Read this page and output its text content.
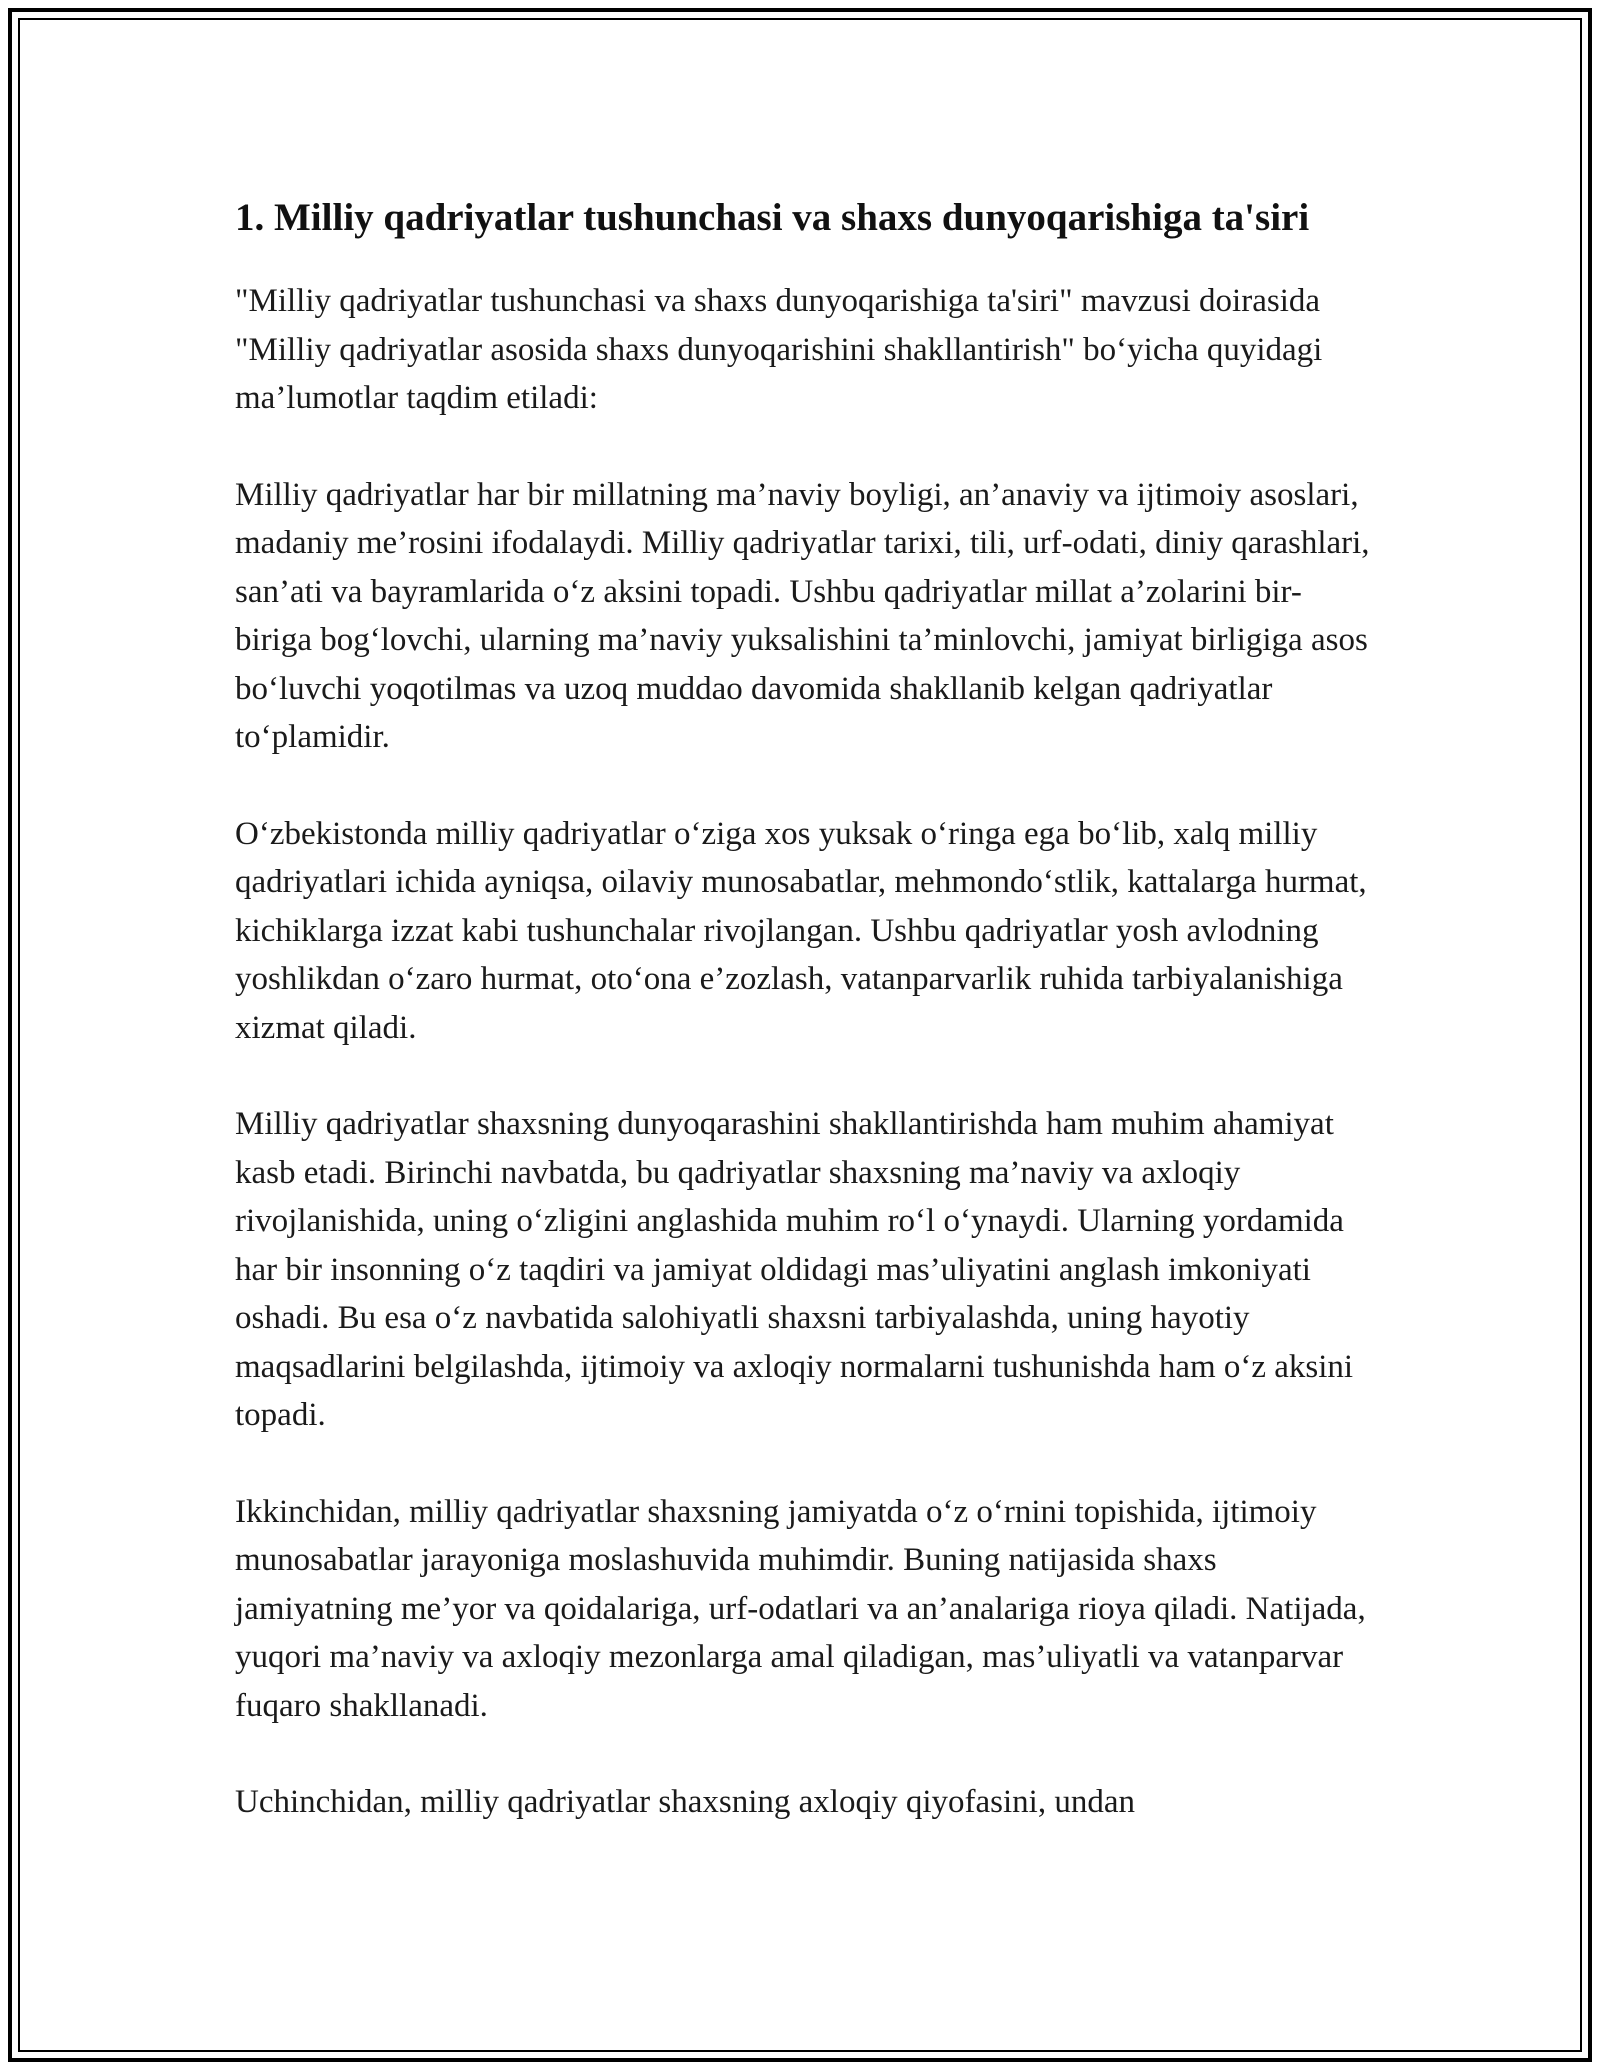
1. Milliy qadriyatlar tushunchasi va shaxs dunyoqarishiga ta'siri

"Milliy qadriyatlar tushunchasi va shaxs dunyoqarishiga ta'siri" mavzusi doirasida "Milliy qadriyatlar asosida shaxs dunyoqarishini shakllantirish" bo‘yicha quyidagi ma’lumotlar taqdim etiladi:

Milliy qadriyatlar har bir millatning ma’naviy boyligi, an’anaviy va ijtimoiy asoslari, madaniy me’rosini ifodalaydi. Milliy qadriyatlar tarixi, tili, urf-odati, diniy qarashlari, san’ati va bayramlarida o‘z aksini topadi. Ushbu qadriyatlar millat a’zolarini bir-biriga bog‘lovchi, ularning ma’naviy yuksalishini ta’minlovchi, jamiyat birligiga asos bo‘luvchi yoqotilmas va uzoq muddao davomida shakllanib kelgan qadriyatlar to‘plamidir.

O‘zbekistonda milliy qadriyatlar o‘ziga xos yuksak o‘ringa ega bo‘lib, xalq milliy qadriyatlari ichida ayniqsa, oilaviy munosabatlar, mehmondo‘stlik, kattalarga hurmat, kichiklarga izzat kabi tushunchalar rivojlangan. Ushbu qadriyatlar yosh avlodning yoshlikdan o‘zaro hurmat, oto‘ona e’zozlash, vatanparvarlik ruhida tarbiyalanishiga xizmat qiladi.

Milliy qadriyatlar shaxsning dunyoqarashini shakllantirishda ham muhim ahamiyat kasb etadi. Birinchi navbatda, bu qadriyatlar shaxsning ma’naviy va axloqiy rivojlanishida, uning o‘zligini anglashida muhim ro‘l o‘ynaydi. Ularning yordamida har bir insonning o‘z taqdiri va jamiyat oldidagi mas’uliyatini anglash imkoniyati oshadi. Bu esa o‘z navbatida salohiyatli shaxsni tarbiyalashda, uning hayotiy maqsadlarini belgilashda, ijtimoiy va axloqiy normalarni tushunishda ham o‘z aksini topadi.

Ikkinchidan, milliy qadriyatlar shaxsning jamiyatda o‘z o‘rnini topishida, ijtimoiy munosabatlar jarayoniga moslashuvida muhimdir. Buning natijasida shaxs jamiyatning me’yor va qoidalariga, urf-odatlari va an’analariga rioya qiladi. Natijada, yuqori ma’naviy va axloqiy mezonlarga amal qiladigan, mas’uliyatli va vatanparvar fuqaro shakllanadi.

Uchinchidan, milliy qadriyatlar shaxsning axloqiy qiyofasini, undan
